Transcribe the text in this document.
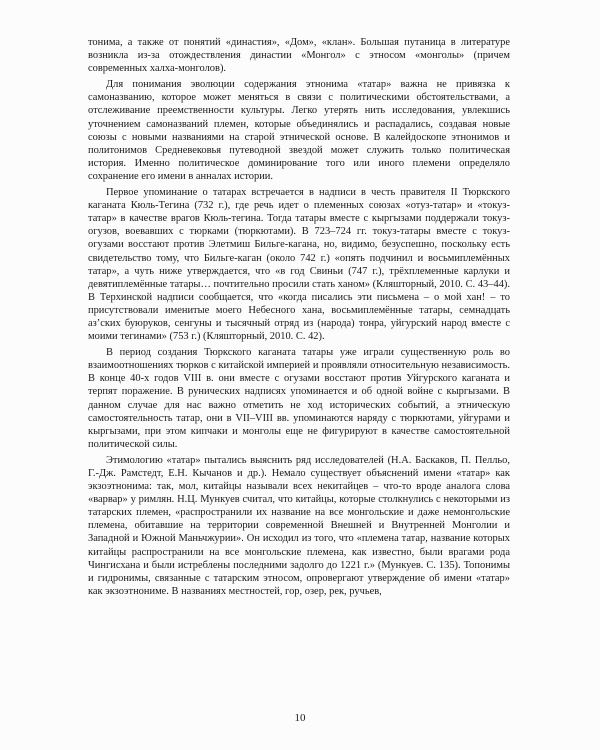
тонима, а также от понятий «династия», «Дом», «клан». Большая путаница в литературе возникла из-за отождествления династии «Монгол» с этносом «монголы» (причем современных халха-монголов).

Для понимания эволюции содержания этнонима «татар» важна не привязка к самоназванию, которое может меняться в связи с политическими обстоятельствами, а отслеживание преемственности культуры. Легко утерять нить исследования, увлекшись уточнением самоназваний племен, которые объединялись и распадались, создавая новые союзы с новыми названиями на старой этнической основе. В калейдоскопе этнонимов и политонимов Средневековья путеводной звездой может служить только политическая история. Именно политическое доминирование того или иного племени определяло сохранение его имени в анналах истории.

Первое упоминание о татарах встречается в надписи в честь правителя II Тюркского каганата Кюль-Тегина (732 г.), где речь идет о племенных союзах «отуз-татар» и «токуз-татар» в качестве врагов Кюль-тегина. Тогда татары вместе с кыргызами поддержали токуз-огузов, воевавших с тюрками (тюркютами). В 723–724 гг. токуз-татары вместе с токуз-огузами восстают против Элетмиш Бильге-кагана, но, видимо, безуспешно, поскольку есть свидетельство тому, что Бильге-каган (около 742 г.) «опять подчинил и восьмиплемённых татар», а чуть ниже утверждается, что «в год Свиньи (747 г.), трёхплеменные карлуки и девятиплемённые татары… почтительно просили стать ханом» (Кляшторный, 2010. С. 43–44). В Терхинской надписи сообщается, что «когда писались эти письмена – о мой хан! – то присутствовали именитые моего Небесного хана, восьмиплемённые татары, семнадцать аз’ских буюруков, сенгуны и тысячный отряд из (народа) тонра, уйгурский народ вместе с моими тегинами» (753 г.) (Кляшторный, 2010. С. 42).

В период создания Тюркского каганата татары уже играли существенную роль во взаимоотношениях тюрков с китайской империей и проявляли относительную независимость. В конце 40-х годов VIII в. они вместе с огузами восстают против Уйгурского каганата и терпят поражение. В рунических надписях упоминается и об одной войне с кыргызами. В данном случае для нас важно отметить не ход исторических событий, а этническую самостоятельность татар, они в VII–VIII вв. упоминаются наряду с тюркютами, уйгурами и кыргызами, при этом кипчаки и монголы еще не фигурируют в качестве самостоятельной политической силы.

Этимологию «татар» пытались выяснить ряд исследователей (Н.А. Баскаков, П. Пелльо, Г.-Дж. Рамстедт, Е.Н. Кычанов и др.). Немало существует объяснений имени «татар» как экзоэтнонима: так, мол, китайцы называли всех некитайцев – что-то вроде аналога слова «варвар» у римлян. Н.Ц. Мункуев считал, что китайцы, которые столкнулись с некоторыми из татарских племен, «распространили их название на все монгольские и даже немонгольские племена, обитавшие на территории современной Внешней и Внутренней Монголии и Западной и Южной Маньчжурии». Он исходил из того, что «племена татар, название которых китайцы распространили на все монгольские племена, как известно, были врагами рода Чингисхана и были истреблены последними задолго до 1221 г.» (Мункуев. С. 135). Топонимы и гидронимы, связанные с татарским этносом, опровергают утверждение об имени «татар» как экзоэтнониме. В названиях местностей, гор, озер, рек, ручьев,

10
